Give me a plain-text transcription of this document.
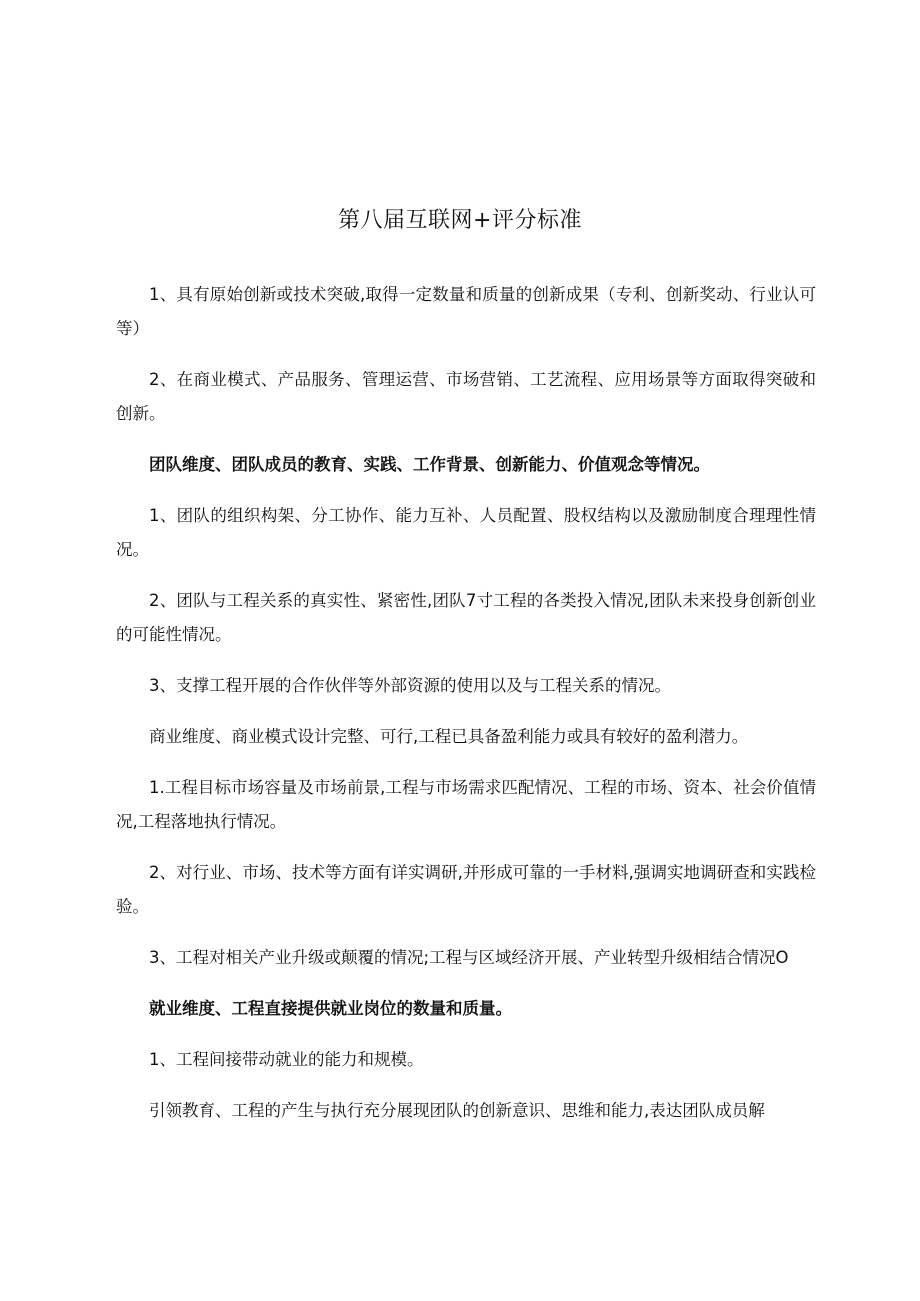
第八届互联网+评分标准

1、具有原始创新或技术突破,取得一定数量和质量的创新成果（专利、创新奖动、行业认可等）

2、在商业模式、产品服务、管理运营、市场营销、工艺流程、应用场景等方面取得突破和创新。

团队维度、团队成员的教育、实践、工作背景、创新能力、价值观念等情况。

1、团队的组织构架、分工协作、能力互补、人员配置、股权结构以及激励制度合理理性情况。

2、团队与工程关系的真实性、紧密性,团队7寸工程的各类投入情况,团队未来投身创新创业的可能性情况。

3、支撑工程开展的合作伙伴等外部资源的使用以及与工程关系的情况。

商业维度、商业模式设计完整、可行,工程已具备盈利能力或具有较好的盈利潜力。

1.工程目标市场容量及市场前景,工程与市场需求匹配情况、工程的市场、资本、社会价值情况,工程落地执行情况。

2、对行业、市场、技术等方面有详实调研,并形成可靠的一手材料,强调实地调研查和实践检验。

3、工程对相关产业升级或颠覆的情况;工程与区域经济开展、产业转型升级相结合情况O

就业维度、工程直接提供就业岗位的数量和质量。

1、工程间接带动就业的能力和规模。

引领教育、工程的产生与执行充分展现团队的创新意识、思维和能力,表达团队成员解
